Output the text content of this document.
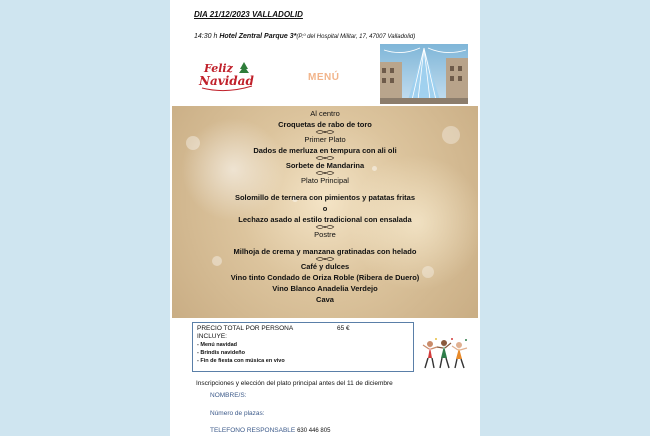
DIA 21/12/2023 VALLADOLID
14:30 h Hotel Zentral Parque 3*(P.º del Hospital Militar, 17, 47007 Valladolid)
Feliz
Navidad	MENÚ
Al centro
Croquetas de rabo de toro
Primer Plato
Dados de merluza en tempura con ali oli
Sorbete de Mandarina
Plato Principal
Solomillo de ternera con pimientos y patatas fritas
o
Lechazo asado al estilo tradicional con ensalada
Postre
Milhoja de crema y manzana gratinadas con helado
Café y dulces
Vino tinto Condado de Oriza Roble (Ribera de Duero)
Vino Blanco Anadelia Verdejo
Cava
PRECIO TOTAL POR PERSONA	65 €
INCLUYE:
- Menú navidad
- Brindis navideño
- Fin de fiesta con música en vivo
Inscripciones y elección del plato principal antes del 11 de diciembre
NOMBRE/S:
Número de plazas:
TELEFONO RESPONSABLE 630 446 805
